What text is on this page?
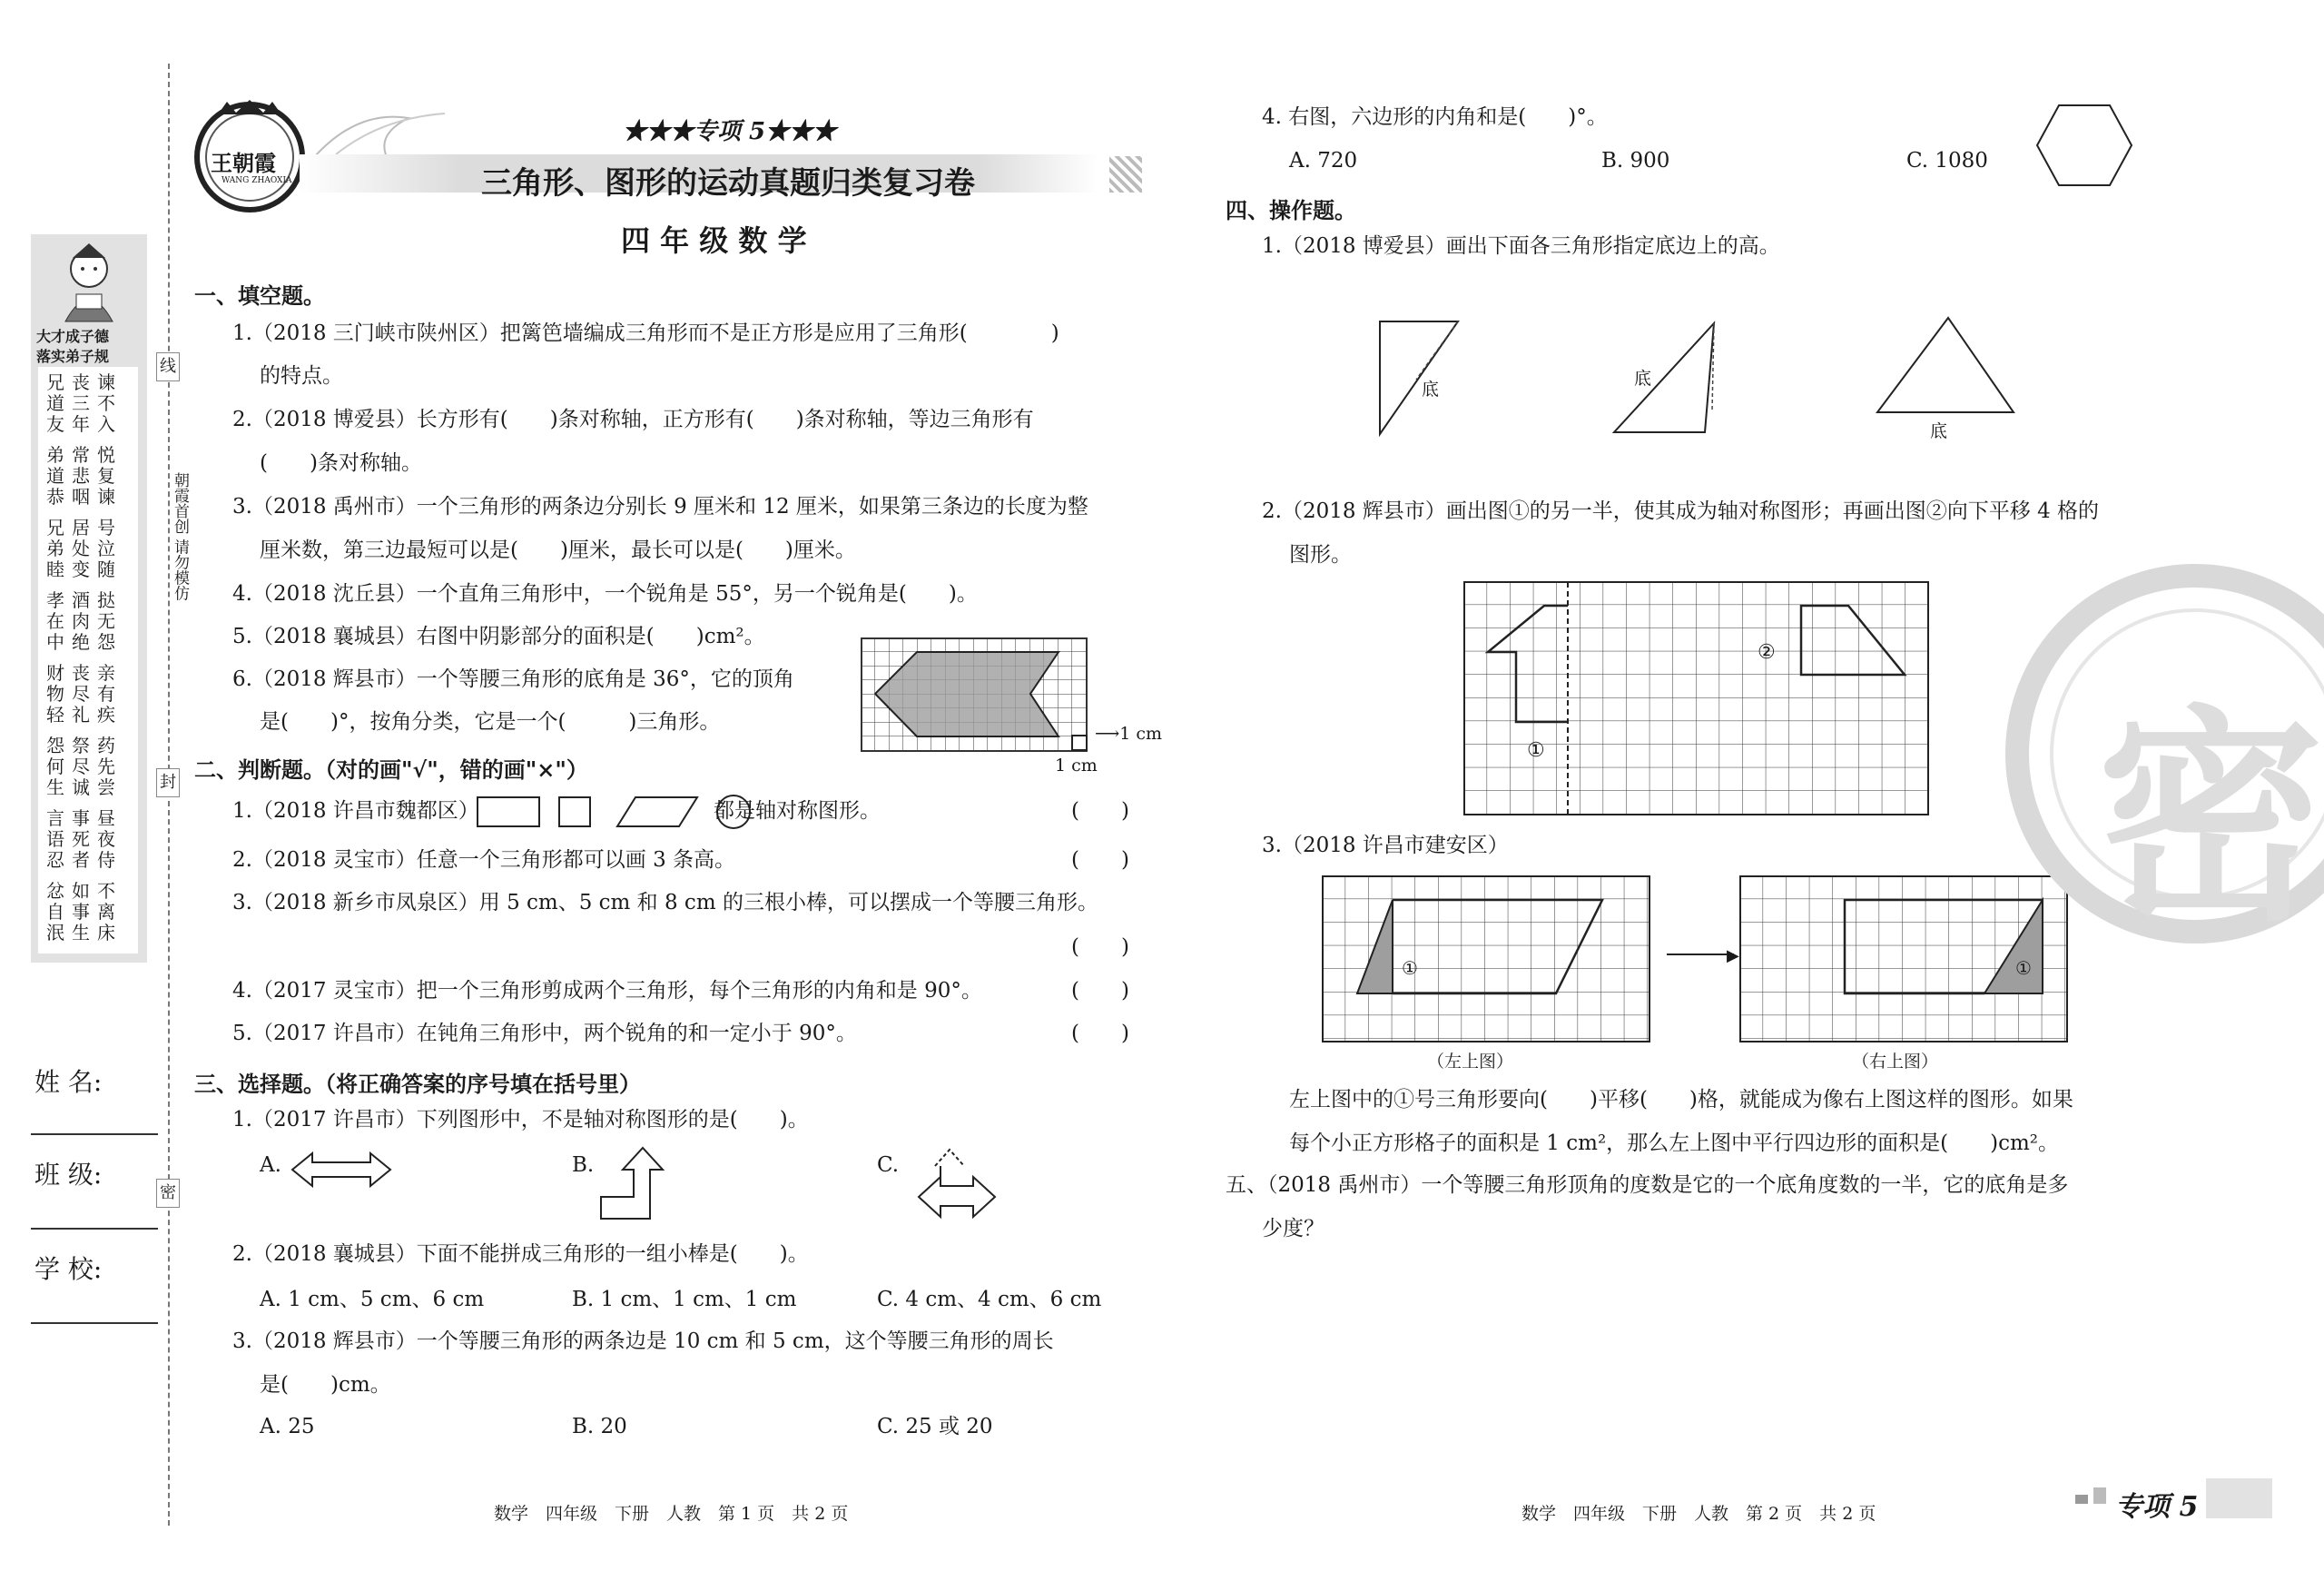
线
朝霞首创 请勿模仿
封
密
大才成子德
落实弟子规
谏不入
丧三年
兄道友
悦复谏
常悲咽
弟道恭
号泣随
居处变
兄弟睦
挞无怨
酒肉绝
孝在中
亲有疾
丧尽礼
财物轻
药先尝
祭尽诚
怨何生
昼夜侍
事死者
言语忍
不离床
如事生
忿自泯
姓 名:
班 级:
学 校:
王朝霞
WANG ZHAOXIA
★★★专项 5★★★
三角形、图形的运动真题归类复习卷
四 年 级 数 学
一、填空题。
1.（2018 三门峡市陕州区）把篱笆墙编成三角形而不是正方形是应用了三角形(　　　　)
的特点。
2.（2018 博爱县）长方形有(　　)条对称轴，正方形有(　　)条对称轴，等边三角形有
(　　)条对称轴。
3.（2018 禹州市）一个三角形的两条边分别长 9 厘米和 12 厘米，如果第三条边的长度为整
厘米数，第三边最短可以是(　　)厘米，最长可以是(　　)厘米。
4.（2018 沈丘县）一个直角三角形中，一个锐角是 55°，另一个锐角是(　　)。
5.（2018 襄城县）右图中阴影部分的面积是(　　)cm²。
6.（2018 辉县市）一个等腰三角形的底角是 36°，它的顶角
是(　　)°，按角分类，它是一个(　　　)三角形。	⟶1 cm
1 cm
二、判断题。（对的画"√"，错的画"×"）
1.（2018 许昌市魏都区）	都是轴对称图形。	(　　)
2.（2018 灵宝市）任意一个三角形都可以画 3 条高。	(　　)
3.（2018 新乡市凤泉区）用 5 cm、5 cm 和 8 cm 的三根小棒，可以摆成一个等腰三角形。
(　　)
4.（2017 灵宝市）把一个三角形剪成两个三角形，每个三角形的内角和是 90°。	(　　)
5.（2017 许昌市）在钝角三角形中，两个锐角的和一定小于 90°。	(　　)
三、选择题。（将正确答案的序号填在括号里）
1.（2017 许昌市）下列图形中，不是轴对称图形的是(　　)。
A.	B.	C.
2.（2018 襄城县）下面不能拼成三角形的一组小棒是(　　)。
A. 1 cm、5 cm、6 cm	B. 1 cm、1 cm、1 cm	C. 4 cm、4 cm、6 cm
3.（2018 辉县市）一个等腰三角形的两条边是 10 cm 和 5 cm，这个等腰三角形的周长
是(　　)cm。
A. 25	B. 20	C. 25 或 20
数学　四年级　下册　人教　第 1 页　共 2 页
4. 右图，六边形的内角和是(　　)°。
A. 720	B. 900	C. 1080
四、操作题。
1.（2018 博爱县）画出下面各三角形指定底边上的高。
底
底
底
2.（2018 辉县市）画出图①的另一半，使其成为轴对称图形；再画出图②向下平移 4 格的
图形。
①
②
3.（2018 许昌市建安区）
①
▶
（左上图）
①
（右上图）
左上图中的①号三角形要向(　　)平移(　　)格，就能成为像右上图这样的图形。如果
每个小正方形格子的面积是 1 cm²，那么左上图中平行四边形的面积是(　　)cm²。
五、（2018 禹州市）一个等腰三角形顶角的度数是它的一个底角度数的一半，它的底角是多
少度？
密
数学　四年级　下册　人教　第 2 页　共 2 页	专项 5
